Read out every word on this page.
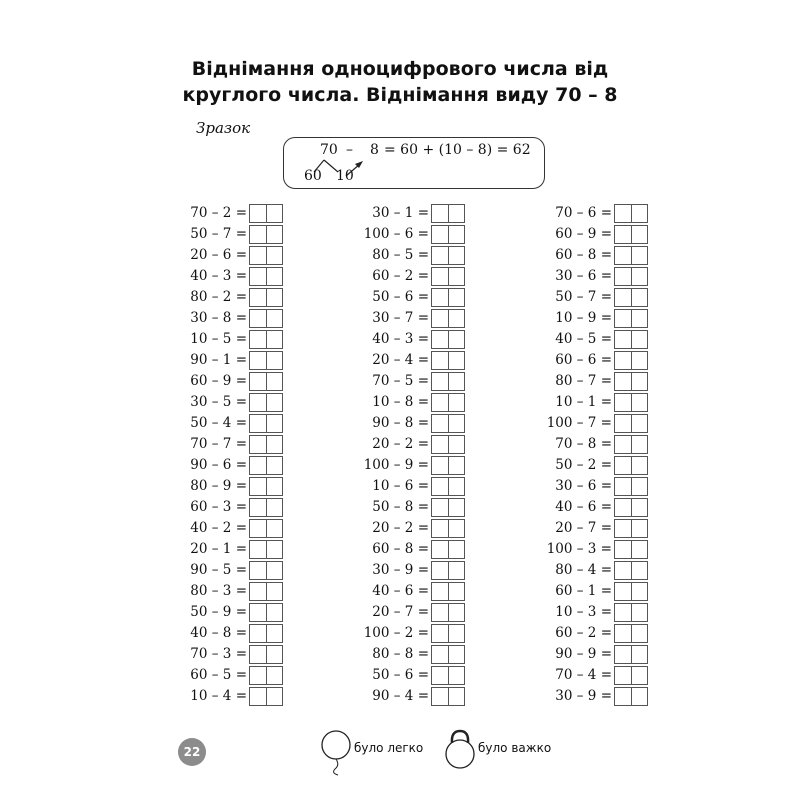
Віднімання одноцифрового числа від
круглого числа. Віднімання виду 70 – 8
Зразок
70 – 8 = 60 + (10 – 8) = 62
60 10
70 – 2 =
50 – 7 =
20 – 6 =
40 – 3 =
80 – 2 =
30 – 8 =
10 – 5 =
90 – 1 =
60 – 9 =
30 – 5 =
50 – 4 =
70 – 7 =
90 – 6 =
80 – 9 =
60 – 3 =
40 – 2 =
20 – 1 =
90 – 5 =
80 – 3 =
50 – 9 =
40 – 8 =
70 – 3 =
60 – 5 =
10 – 4 =
30 – 1 =
100 – 6 =
80 – 5 =
60 – 2 =
50 – 6 =
30 – 7 =
40 – 3 =
20 – 4 =
70 – 5 =
10 – 8 =
90 – 8 =
20 – 2 =
100 – 9 =
10 – 6 =
50 – 8 =
20 – 2 =
60 – 8 =
30 – 9 =
40 – 6 =
20 – 7 =
100 – 2 =
80 – 8 =
50 – 6 =
90 – 4 =
70 – 6 =
60 – 9 =
60 – 8 =
30 – 6 =
50 – 7 =
10 – 9 =
40 – 5 =
60 – 6 =
80 – 7 =
10 – 1 =
100 – 7 =
70 – 8 =
50 – 2 =
30 – 6 =
40 – 6 =
20 – 7 =
100 – 3 =
80 – 4 =
60 – 1 =
10 – 3 =
60 – 2 =
90 – 9 =
70 – 4 =
30 – 9 =
22	було легко	було важко
